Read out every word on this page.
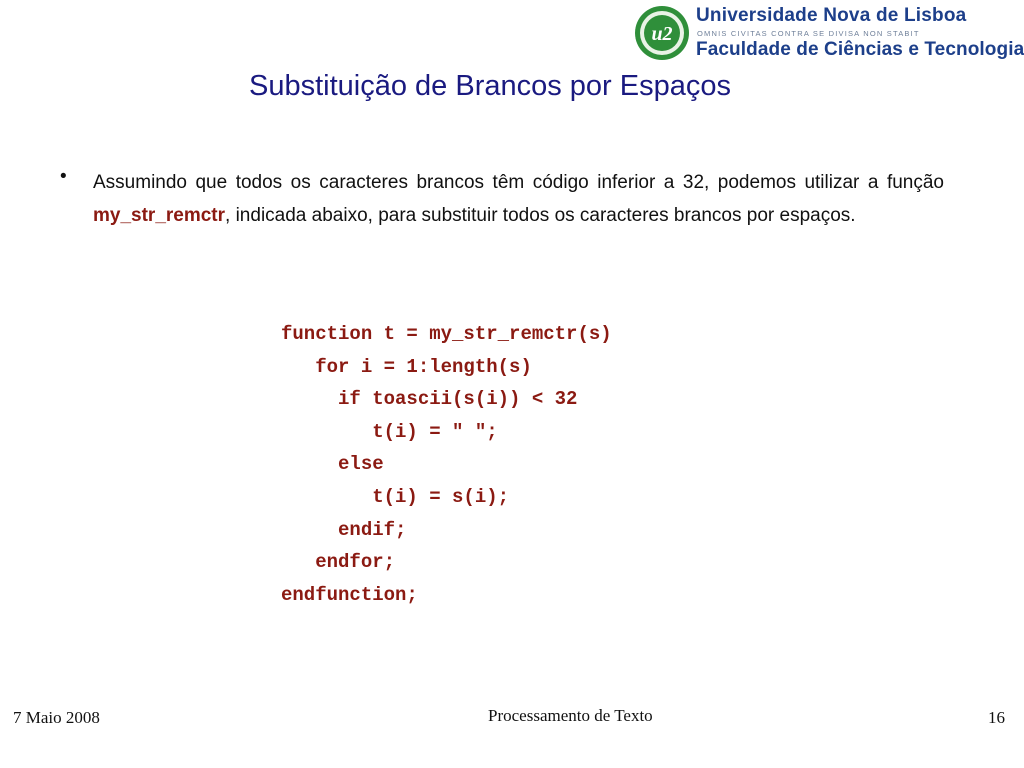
u2
Universidade Nova de Lisboa
OMNIS CIVITAS CONTRA SE DIVISA NON STABIT
Faculdade de Ciências e Tecnologia
Substituição de Brancos por Espaços
• Assumindo que todos os caracteres brancos têm código inferior a 32, podemos utilizar a função my_str_remctr, indicada abaixo, para substituir todos os caracteres brancos por espaços.
function t = my_str_remctr(s)
for i = 1:length(s)
if toascii(s(i)) < 32
t(i) = " ";
else
t(i) = s(i);
endif;
endfor;
endfunction;
7 Maio 2008	Processamento de Texto	16
